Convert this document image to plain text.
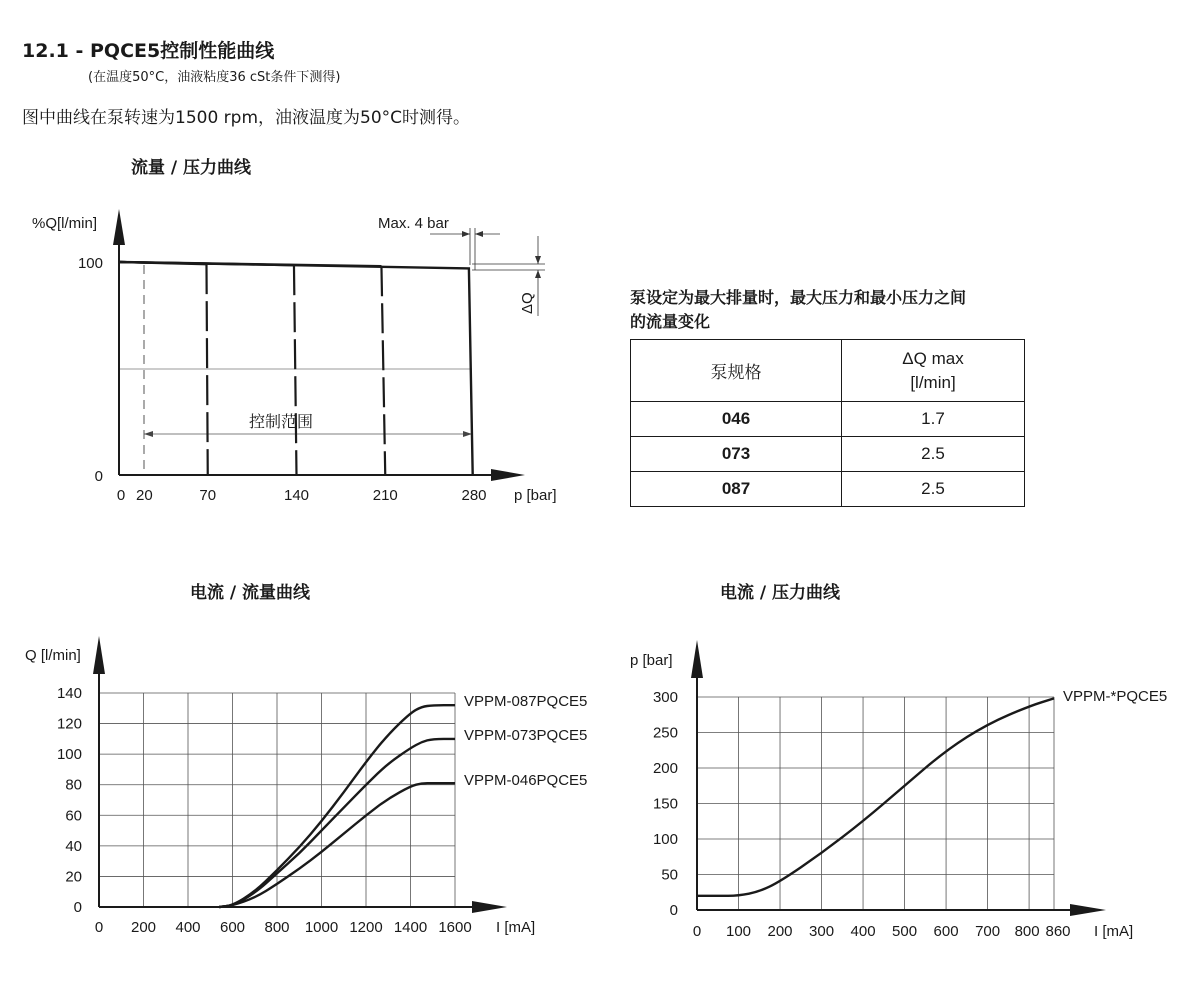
12.1 - PQCE5控制性能曲线
(在温度50°C，油液粘度36 cSt条件下测得)
图中曲线在泵转速为1500 rpm，油液温度为50°C时测得。
流量 / 压力曲线
电流 / 流量曲线	电流 / 压力曲线
泵设定为最大排量时，最大压力和最小压力之间
的流量变化
泵规格	ΔQ max
[l/min]

046	1.7
073	2.5
087	2.5
%Q[l/min]
p [bar]
Max. 4 bar
ΔQ
控制范围
0 20	70	140	210	280
100
0
Q [l/min]
I [mA]
VPPM-087PQCE5
VPPM-073PQCE5
VPPM-046PQCE5
0 200 400 600 800 1000 1200 1400 1600
0
20
40
60
80
100
120
140
p [bar]
I [mA]
VPPM-*PQCE5
0 100 200 300 400 500 600 700 800 860
0
50
100
150
200
250
300
